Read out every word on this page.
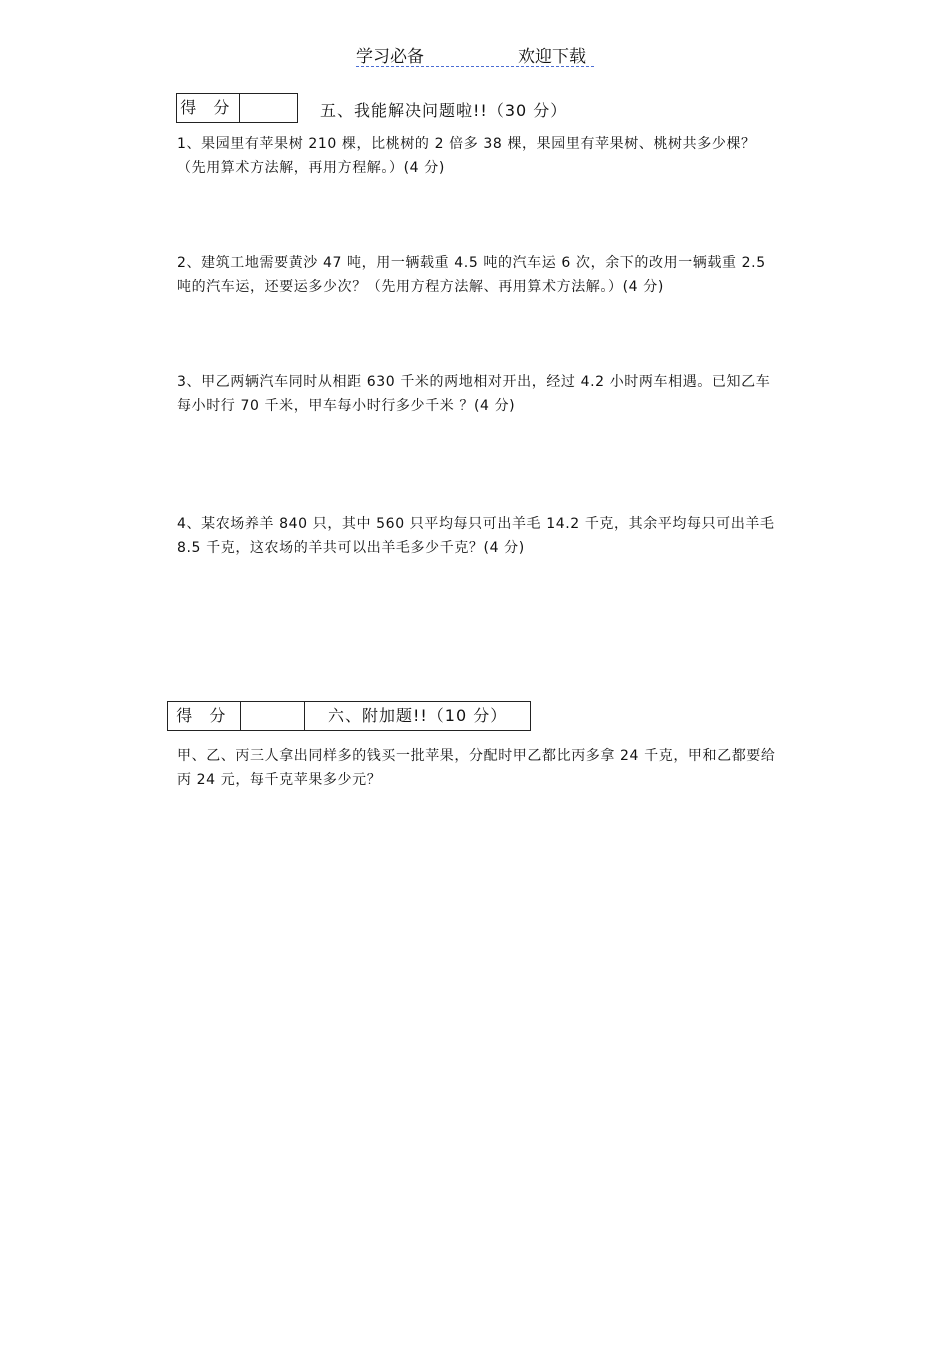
学习必备	欢迎下载
得 分		五、我能解决问题啦!!（30 分）
1、果园里有苹果树 210 棵，比桃树的 2 倍多 38 棵，果园里有苹果树、桃树共多少棵？（先用算术方法解，再用方程解。）(4 分)
2、建筑工地需要黄沙 47 吨，用一辆载重 4.5 吨的汽车运 6 次，余下的改用一辆载重 2.5 吨的汽车运，还要运多少次？（先用方程方法解、再用算术方法解。）(4 分)
3、甲乙两辆汽车同时从相距 630 千米的两地相对开出，经过 4.2 小时两车相遇。已知乙车每小时行 70 千米，甲车每小时行多少千米 ？(4 分)
4、某农场养羊 840 只，其中 560 只平均每只可出羊毛 14.2 千克，其余平均每只可出羊毛 8.5 千克，这农场的羊共可以出羊毛多少千克？(4 分)
得 分		六、附加题!!（10 分）
甲、乙、丙三人拿出同样多的钱买一批苹果，分配时甲乙都比丙多拿 24 千克，甲和乙都要给丙 24 元，每千克苹果多少元？
